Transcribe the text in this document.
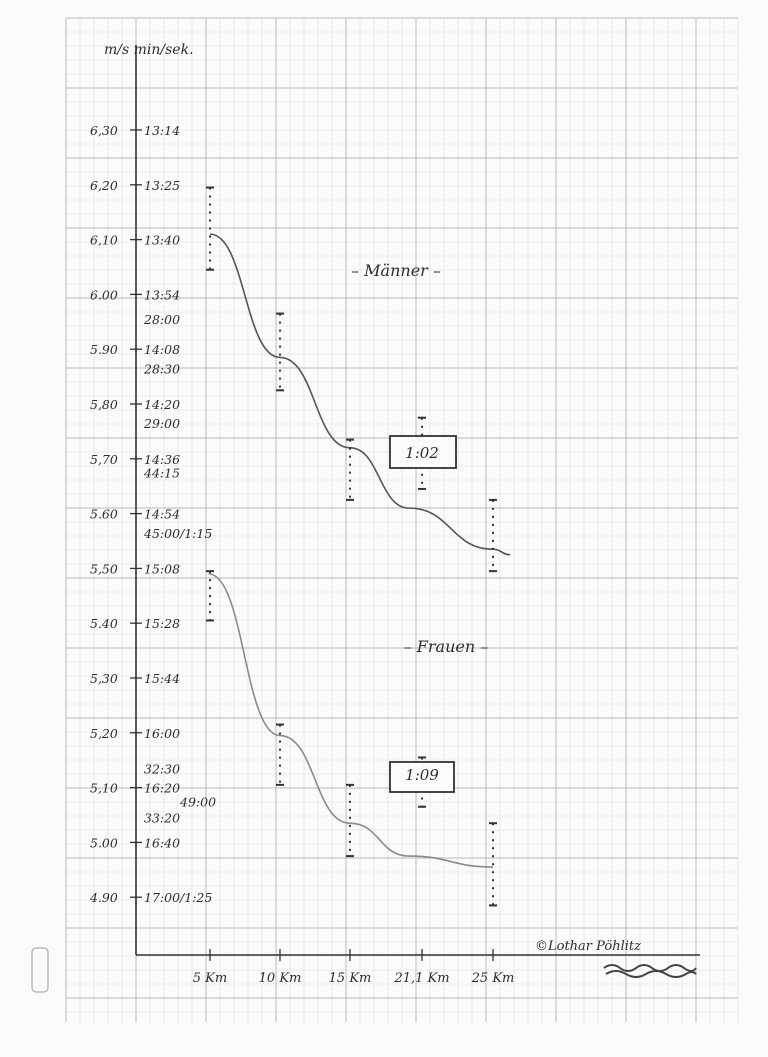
m/s min/sek.
6,30 13:14
6,20 13:25
6,10 13:40
6.00 13:54
5.90 14:08
5,80 14:20
5,70 14:36
5.60 14:54
5,50 15:08
5.40 15:28
5,30 15:44
5,20 16:00
5,10 16:20
5.00 16:40
4.90 17:00/1:25
28:00
28:30
29:00
44:15
45:00/1:15
32:30
33:20
49:00
5 Km 10 Km 15 Km 21,1 Km 25 Km
– Männer –
1:02
– Frauen –
1:09
©Lothar Pöhlitz
